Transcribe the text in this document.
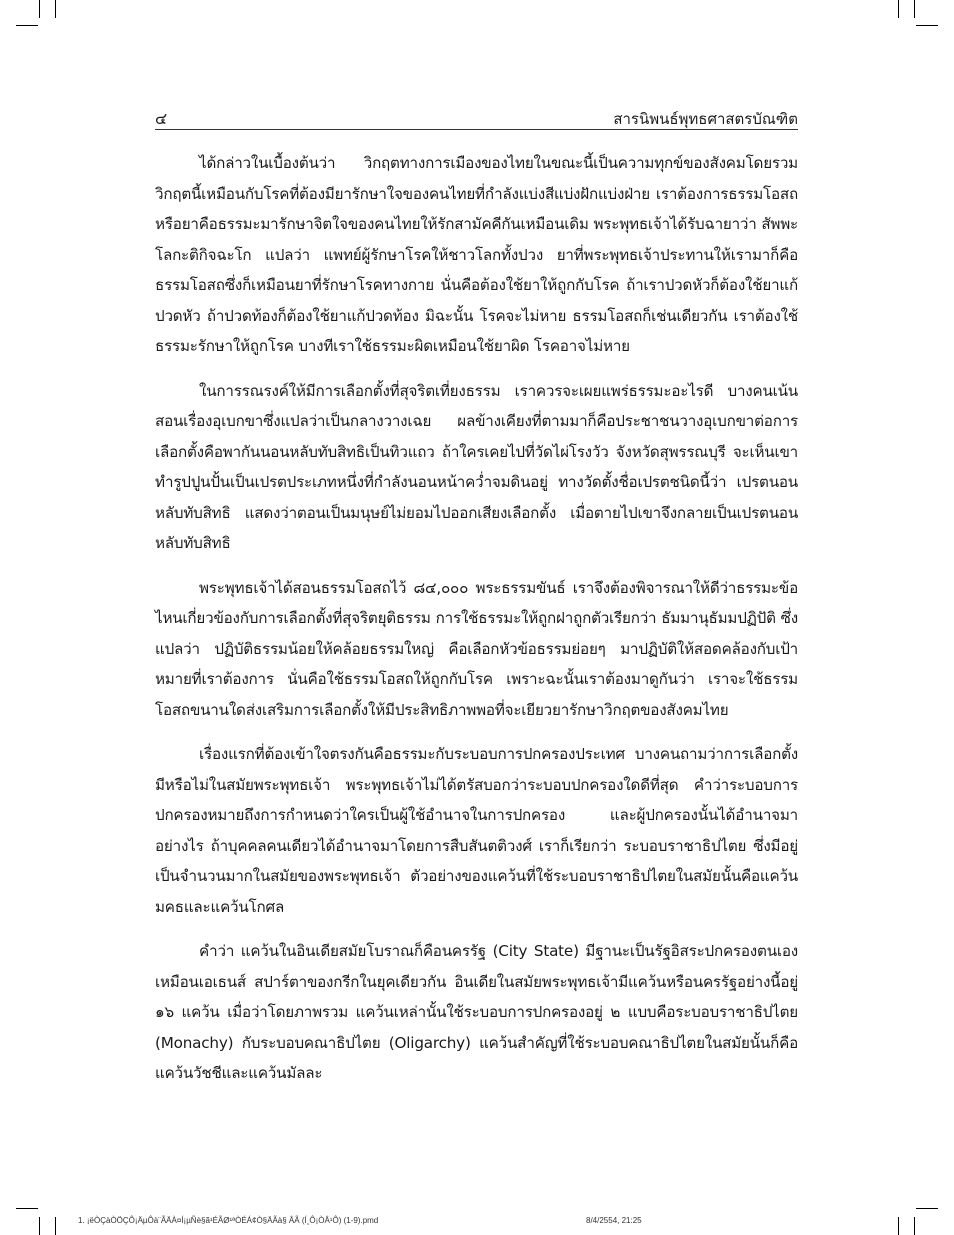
๔	สารนิพนธ์พุทธศาสตรบัณฑิต

ได้กล่าวในเบื้องต้นว่า วิกฤตทางการเมืองของไทยในขณะนี้เป็นความทุกข์ของสังคมโดยรวม วิกฤตนี้เหมือนกับโรคที่ต้องมียารักษาใจของคนไทยที่กำลังแบ่งสีแบ่งฝักแบ่งฝ่าย เราต้องการธรรมโอสถหรือยาคือธรรมะมารักษาจิตใจของคนไทยให้รักสามัคคีกันเหมือนเดิม พระพุทธเจ้าได้รับฉายาว่า สัพพะโลกะติกิจฉะโก แปลว่า แพทย์ผู้รักษาโรคให้ชาวโลกทั้งปวง ยาที่พระพุทธเจ้าประทานให้เรามาก็คือธรรมโอสถซึ่งก็เหมือนยาที่รักษาโรคทางกาย นั่นคือต้องใช้ยาให้ถูกกับโรค ถ้าเราปวดหัวก็ต้องใช้ยาแก้ปวดหัว ถ้าปวดท้องก็ต้องใช้ยาแก้ปวดท้อง มิฉะนั้น โรคจะไม่หาย ธรรมโอสถก็เช่นเดียวกัน เราต้องใช้ธรรมะรักษาให้ถูกโรค บางทีเราใช้ธรรมะผิดเหมือนใช้ยาผิด โรคอาจไม่หาย

ในการรณรงค์ให้มีการเลือกตั้งที่สุจริตเที่ยงธรรม เราควรจะเผยแพร่ธรรมะอะไรดี บางคนเน้นสอนเรื่องอุเบกขาซึ่งแปลว่าเป็นกลางวางเฉย ผลข้างเคียงที่ตามมาก็คือประชาชนวางอุเบกขาต่อการเลือกตั้งคือพากันนอนหลับทับสิทธิเป็นทิวแถว ถ้าใครเคยไปที่วัดไผ่โรงวัว จังหวัดสุพรรณบุรี จะเห็นเขาทำรูปปูนปั้นเป็นเปรตประเภทหนึ่งที่กำลังนอนหน้าคว่ำจมดินอยู่ ทางวัดตั้งชื่อเปรตชนิดนี้ว่า เปรตนอนหลับทับสิทธิ แสดงว่าตอนเป็นมนุษย์ไม่ยอมไปออกเสียงเลือกตั้ง เมื่อตายไปเขาจึงกลายเป็นเปรตนอนหลับทับสิทธิ

พระพุทธเจ้าได้สอนธรรมโอสถไว้ ๘๔,๐๐๐ พระธรรมขันธ์ เราจึงต้องพิจารณาให้ดีว่าธรรมะข้อไหนเกี่ยวข้องกับการเลือกตั้งที่สุจริตยุติธรรม การใช้ธรรมะให้ถูกฝาถูกตัวเรียกว่า ธัมมานุธัมมปฏิปัติ ซึ่งแปลว่า ปฏิบัติธรรมน้อยให้คล้อยธรรมใหญ่ คือเลือกหัวข้อธรรมย่อยๆ มาปฏิบัติให้สอดคล้องกับเป้าหมายที่เราต้องการ นั่นคือใช้ธรรมโอสถให้ถูกกับโรค เพราะฉะนั้นเราต้องมาดูกันว่า เราจะใช้ธรรมโอสถขนานใดส่งเสริมการเลือกตั้งให้มีประสิทธิภาพพอที่จะเยียวยารักษาวิกฤตของสังคมไทย

เรื่องแรกที่ต้องเข้าใจตรงกันคือธรรมะกับระบอบการปกครองประเทศ บางคนถามว่าการเลือกตั้งมีหรือไม่ในสมัยพระพุทธเจ้า พระพุทธเจ้าไม่ได้ตรัสบอกว่าระบอบปกครองใดดีที่สุด คำว่าระบอบการปกครองหมายถึงการกำหนดว่าใครเป็นผู้ใช้อำนาจในการปกครอง และผู้ปกครองนั้นได้อำนาจมาอย่างไร ถ้าบุคคลคนเดียวได้อำนาจมาโดยการสืบสันตติวงศ์ เราก็เรียกว่า ระบอบราชาธิปไตย ซึ่งมีอยู่เป็นจำนวนมากในสมัยของพระพุทธเจ้า ตัวอย่างของแคว้นที่ใช้ระบอบราชาธิปไตยในสมัยนั้นคือแคว้นมคธและแคว้นโกศล

คำว่า แคว้นในอินเดียสมัยโบราณก็คือนครรัฐ (City State) มีฐานะเป็นรัฐอิสระปกครองตนเองเหมือนเอเธนส์ สปาร์ตาของกรีกในยุคเดียวกัน อินเดียในสมัยพระพุทธเจ้ามีแคว้นหรือนครรัฐอย่างนี้อยู่ ๑๖ แคว้น เมื่อว่าโดยภาพรวม แคว้นเหล่านั้นใช้ระบอบการปกครองอยู่ ๒ แบบคือระบอบราชาธิปไตย (Monachy) กับระบอบคณาธิปไตย (Oligarchy) แคว้นสำคัญที่ใช้ระบอบคณาธิปไตยในสมัยนั้นก็คือแคว้นวัชชีและแคว้นมัลละ

1. ¡ëÒÇàÒÖÇÔ¡ÄµÔà¨ÃÄÀ¤Í¡µÑè§ã¹ÉÃØ¹ªÒÉÁ¢Ò§ÄÃà§ ÂÃ (Í¸Ô¡ÒÂ¹Ô) (1-9).pmd	8/4/2554, 21:25
